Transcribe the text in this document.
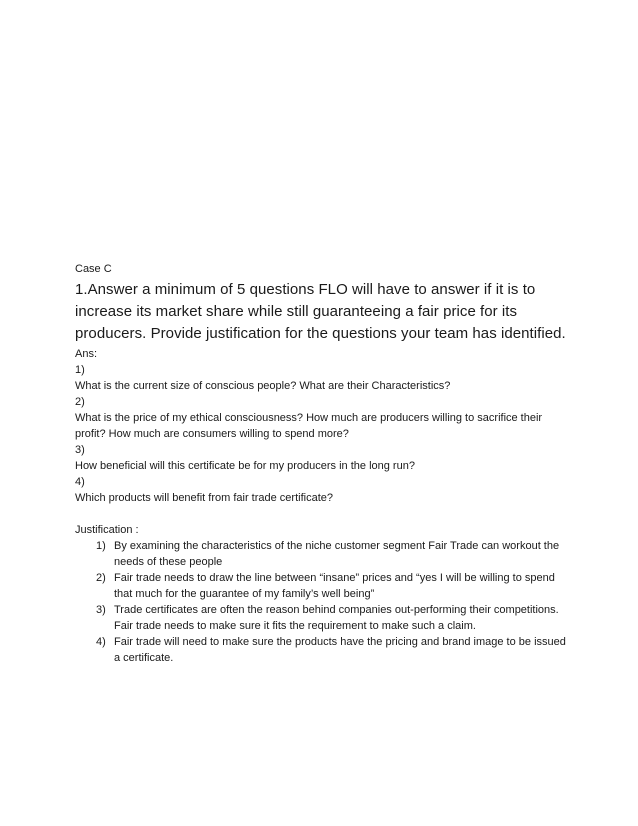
Case C

1.Answer a minimum of 5 questions FLO will have to answer if it is to increase its market share while still guaranteeing a fair price for its producers. Provide justification for the questions your team has identified.

Ans:

1)

What is the current size of conscious people? What are their Characteristics?

2)

What is the price of my ethical consciousness? How much are producers willing to sacrifice their profit? How much are consumers willing to spend more?

3)

How beneficial will this certificate be for my producers in the long run?

4)

Which products will benefit from fair trade certificate?

Justification :

1) By examining the characteristics of the niche customer segment Fair Trade can workout the needs of these people
2) Fair trade needs to draw the line between “insane” prices and “yes I will be willing to spend that much for the guarantee of my family’s well being”
3) Trade certificates are often the reason behind companies out-performing their competitions. Fair trade needs to make sure it fits the requirement to make such a claim.
4) Fair trade will need to make sure the products have the pricing and brand image to be issued a certificate.
